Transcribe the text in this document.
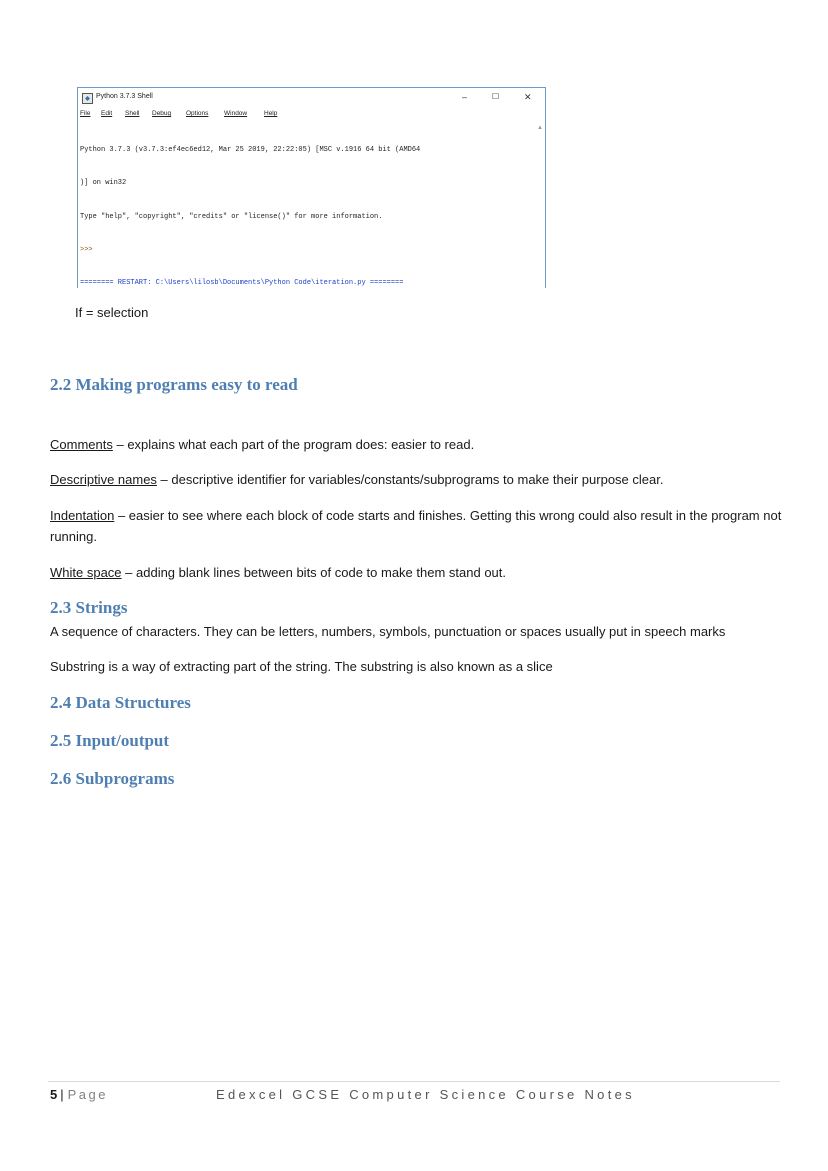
Python 3.7.3 Shell	–	☐	✕
File Edit Shell Debug Options Window	Help
▲

Python 3.7.3 (v3.7.3:ef4ec6ed12, Mar 25 2019, 22:22:05) [MSC v.1916 64 bit (AMD64

)] on win32

Type "help", "copyright", "credits" or "license()" for more information.

>>>

======== RESTART: C:\Users\lilosb\Documents\Python Code\iteration.py ========

If = selection
2.2 Making programs easy to read

Comments – explains what each part of the program does: easier to read.

Descriptive names – descriptive identifier for variables/constants/subprograms to make their purpose clear.

Indentation – easier to see where each block of code starts and finishes. Getting this wrong could also result in the program not running.

White space – adding blank lines between bits of code to make them stand out.

2.3 Strings

A sequence of characters. They can be letters, numbers, symbols, punctuation or spaces usually put in speech marks

Substring is a way of extracting part of the string. The substring is also known as a slice

2.4 Data Structures
2.5 Input/output
2.6 Subprograms
5 | Page	Edexcel GCSE Computer Science Course Notes
